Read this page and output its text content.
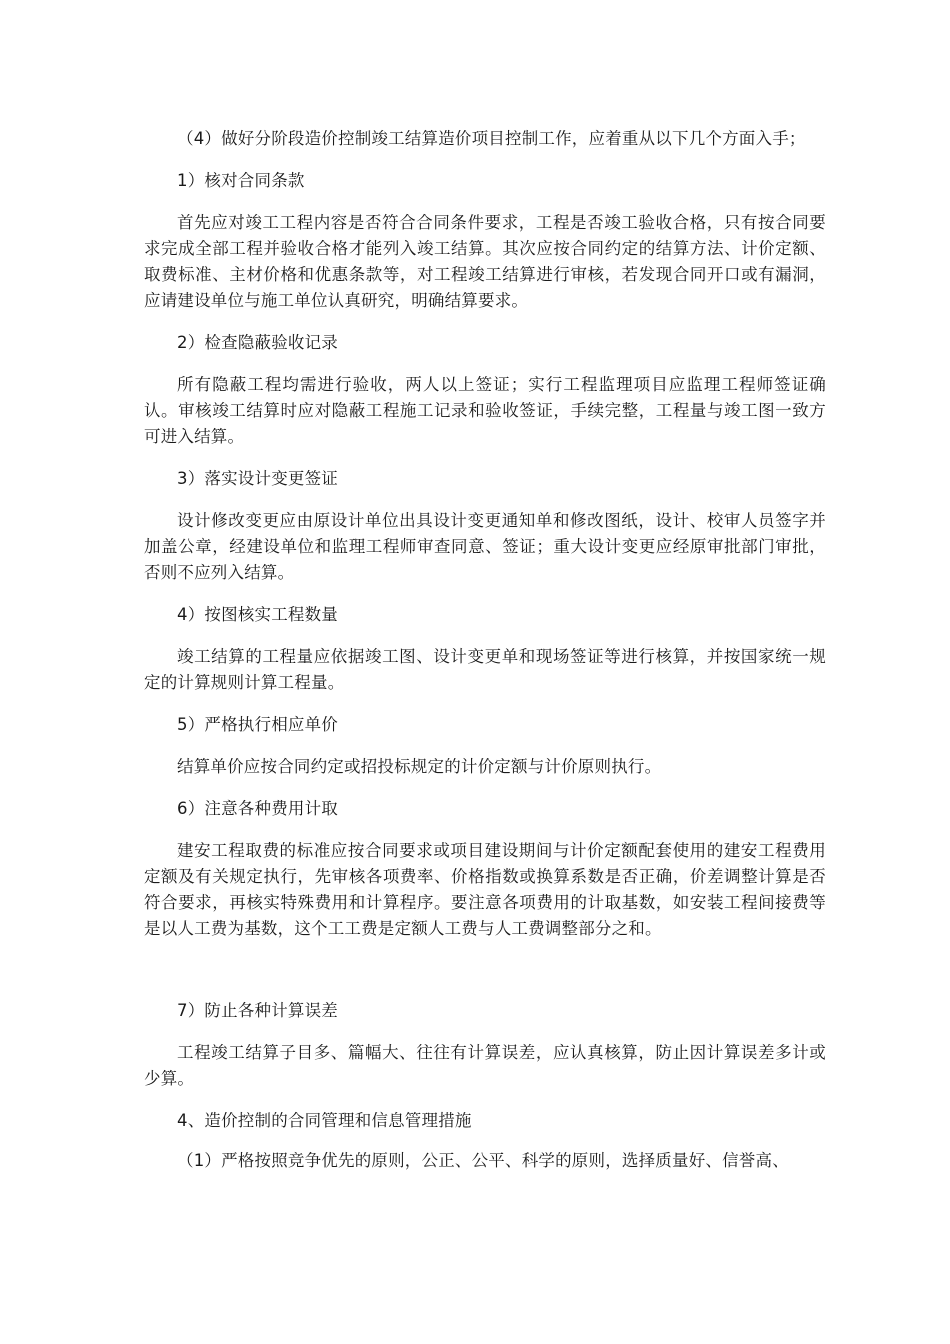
（4）做好分阶段造价控制竣工结算造价项目控制工作，应着重从以下几个方面入手；

1）核对合同条款

首先应对竣工工程内容是否符合合同条件要求，工程是否竣工验收合格，只有按合同要求完成全部工程并验收合格才能列入竣工结算。其次应按合同约定的结算方法、计价定额、取费标准、主材价格和优惠条款等，对工程竣工结算进行审核，若发现合同开口或有漏洞，应请建设单位与施工单位认真研究，明确结算要求。

2）检查隐蔽验收记录

所有隐蔽工程均需进行验收，两人以上签证；实行工程监理项目应监理工程师签证确认。审核竣工结算时应对隐蔽工程施工记录和验收签证，手续完整，工程量与竣工图一致方可进入结算。

3）落实设计变更签证

设计修改变更应由原设计单位出具设计变更通知单和修改图纸，设计、校审人员签字并加盖公章，经建设单位和监理工程师审查同意、签证；重大设计变更应经原审批部门审批，否则不应列入结算。

4）按图核实工程数量

竣工结算的工程量应依据竣工图、设计变更单和现场签证等进行核算，并按国家统一规定的计算规则计算工程量。

5）严格执行相应单价

结算单价应按合同约定或招投标规定的计价定额与计价原则执行。

6）注意各种费用计取

建安工程取费的标准应按合同要求或项目建设期间与计价定额配套使用的建安工程费用定额及有关规定执行，先审核各项费率、价格指数或换算系数是否正确，价差调整计算是否符合要求，再核实特殊费用和计算程序。要注意各项费用的计取基数，如安装工程间接费等是以人工费为基数，这个工工费是定额人工费与人工费调整部分之和。

7）防止各种计算误差

工程竣工结算子目多、篇幅大、往往有计算误差，应认真核算，防止因计算误差多计或少算。

4、造价控制的合同管理和信息管理措施

（1）严格按照竞争优先的原则，公正、公平、科学的原则，选择质量好、信誉高、
